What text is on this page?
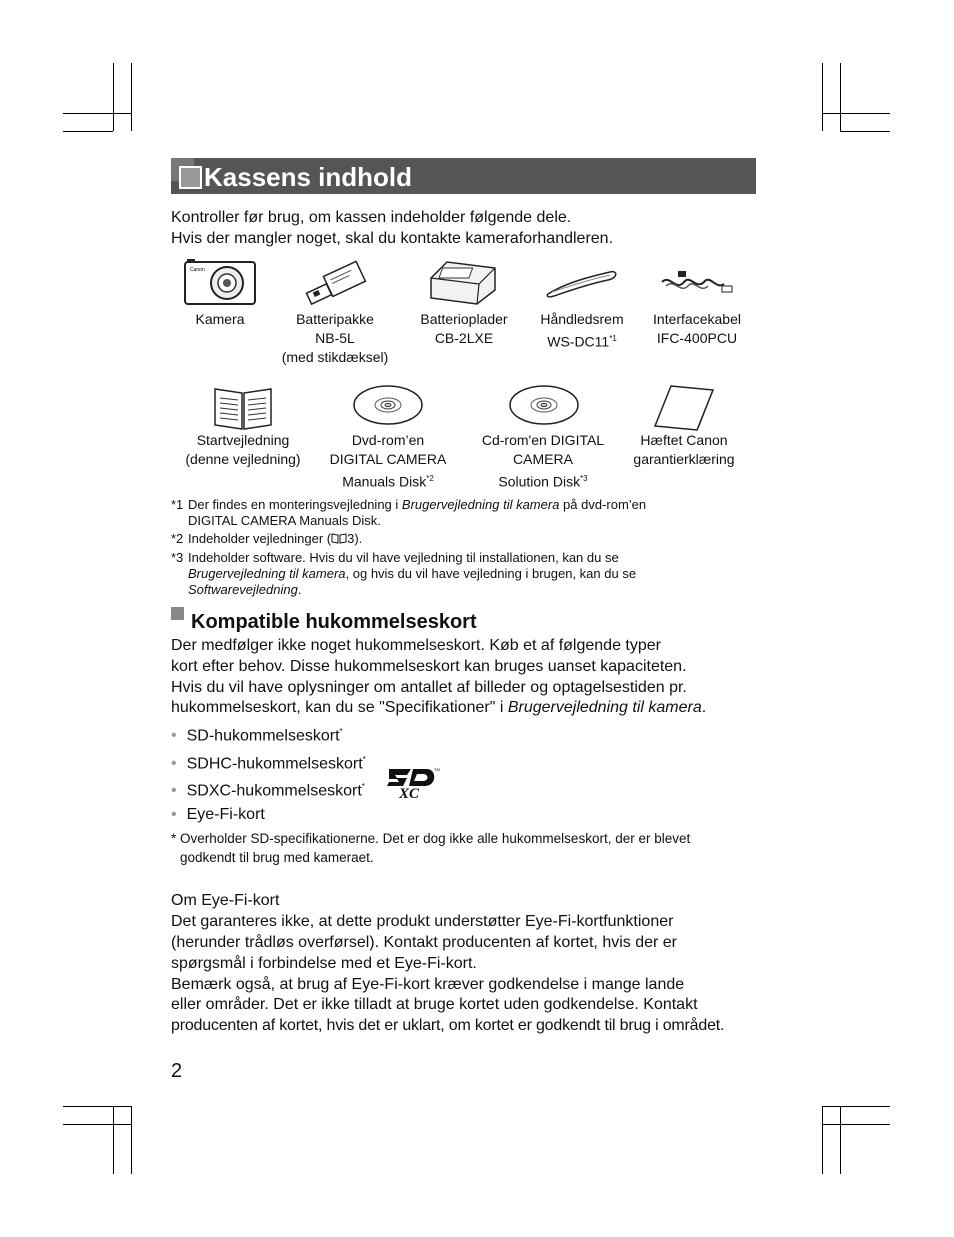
Kassens indhold
Kontroller før brug, om kassen indeholder følgende dele.
Hvis der mangler noget, skal du kontakte kameraforhandleren.
Canon
Kamera	Batteripakke
NB-5L
(med stikdæksel)
Batterioplader
CB-2LXE
Håndledsrem
WS-DC11$^{*1}$
Interfacekabel
IFC-400PCU
Startvejledning
(denne vejledning)
Dvd-rom’en
DIGITAL CAMERA
Manuals Disk$^{*2}$
Cd-rom'en DIGITAL
CAMERA
Solution Disk$^{*3}$
Hæftet Canon
garantierklæring
*1 Der findes en monteringsvejledning i Brugervejledning til kamera på dvd-rom’en
DIGITAL CAMERA Manuals Disk.
*2 Indeholder vejledninger ( 3).
*3 Indeholder software. Hvis du vil have vejledning til installationen, kan du se
Brugervejledning til kamera, og hvis du vil have vejledning i brugen, kan du se
Softwarevejledning.
Kompatible hukommelseskort
Der medfølger ikke noget hukommelseskort. Køb et af følgende typer
kort efter behov. Disse hukommelseskort kan bruges uanset kapaciteten.
Hvis du vil have oplysninger om antallet af billeder og optagelsestiden pr.
hukommelseskort, kan du se "Specifikationer" i Brugervejledning til kamera.
• SD-hukommelseskort*
• SDHC-hukommelseskort*
• SDXC-hukommelseskort* XC
TM
• Eye-Fi-kort
* Overholder SD-specifikationerne. Det er dog ikke alle hukommelseskort, der er blevet
godkendt til brug med kameraet.
Om Eye-Fi-kort
Det garanteres ikke, at dette produkt understøtter Eye-Fi-kortfunktioner
(herunder trådløs overførsel). Kontakt producenten af kortet, hvis der er
spørgsmål i forbindelse med et Eye-Fi-kort.
Bemærk også, at brug af Eye-Fi-kort kræver godkendelse i mange lande
eller områder. Det er ikke tilladt at bruge kortet uden godkendelse. Kontakt
producenten af kortet, hvis det er uklart, om kortet er godkendt til brug i området.
2
